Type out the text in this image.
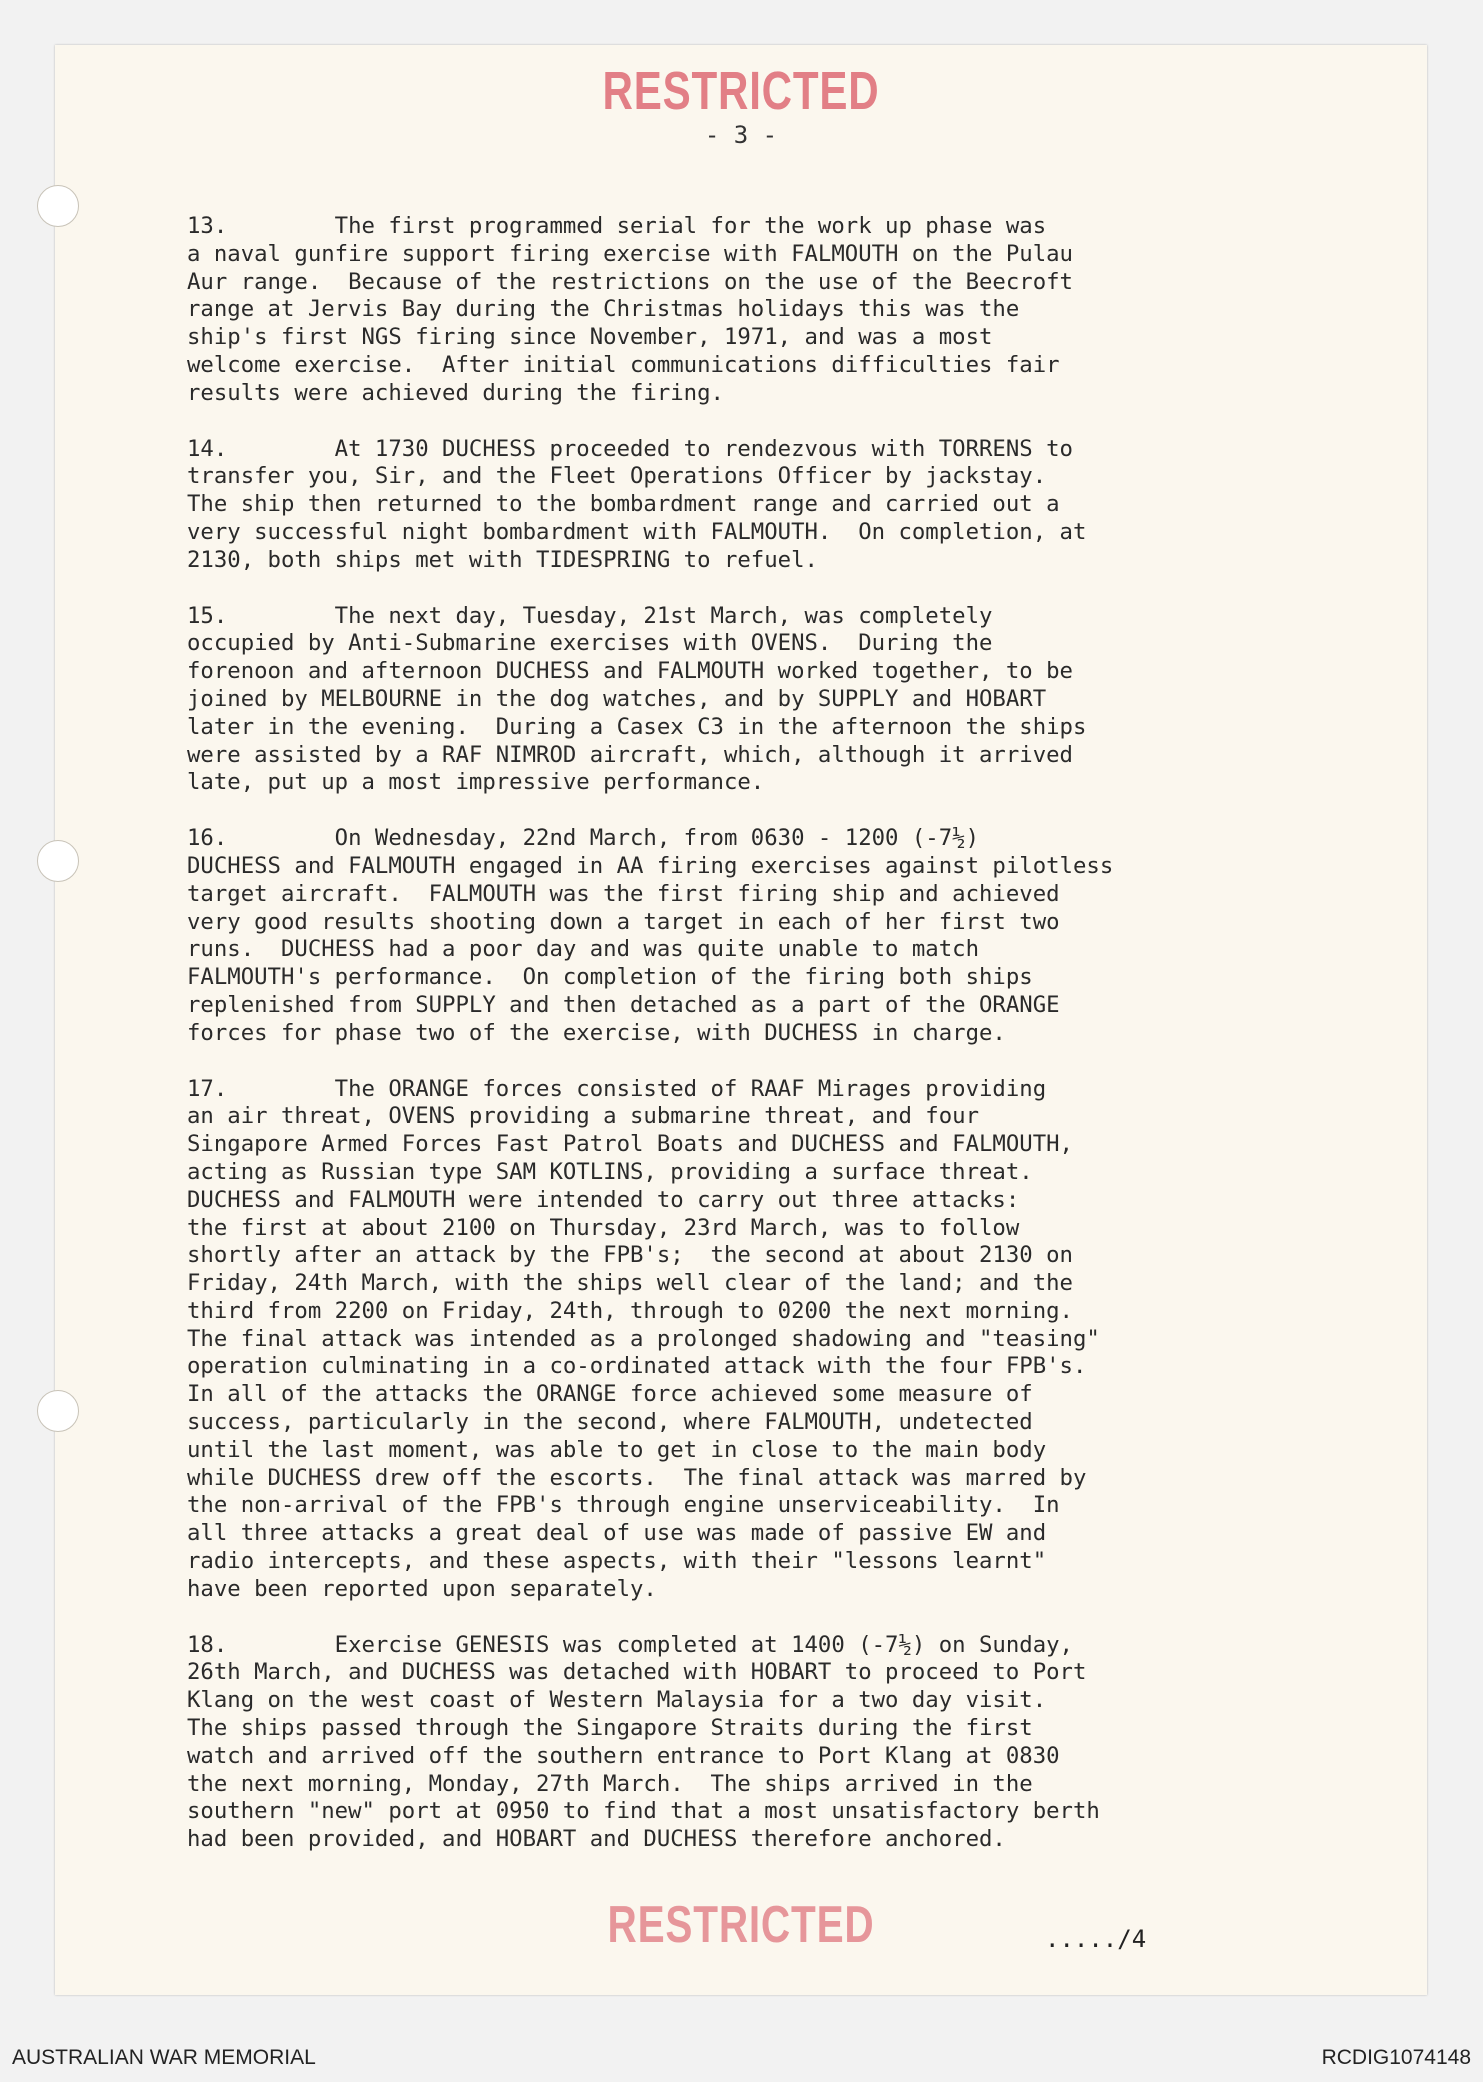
RESTRICTED
- 3 -

13.        The first programmed serial for the work up phase was

a naval gunfire support firing exercise with FALMOUTH on the Pulau

Aur range.  Because of the restrictions on the use of the Beecroft

range at Jervis Bay during the Christmas holidays this was the

ship's first NGS firing since November, 1971, and was a most

welcome exercise.  After initial communications difficulties fair

results were achieved during the firing.

14.        At 1730 DUCHESS proceeded to rendezvous with TORRENS to

transfer you, Sir, and the Fleet Operations Officer by jackstay.

The ship then returned to the bombardment range and carried out a

very successful night bombardment with FALMOUTH.  On completion, at

2130, both ships met with TIDESPRING to refuel.

15.        The next day, Tuesday, 21st March, was completely

occupied by Anti-Submarine exercises with OVENS.  During the

forenoon and afternoon DUCHESS and FALMOUTH worked together, to be

joined by MELBOURNE in the dog watches, and by SUPPLY and HOBART

later in the evening.  During a Casex C3 in the afternoon the ships

were assisted by a RAF NIMROD aircraft, which, although it arrived

late, put up a most impressive performance.

16.        On Wednesday, 22nd March, from 0630 - 1200 (-7½)

DUCHESS and FALMOUTH engaged in AA firing exercises against pilotless

target aircraft.  FALMOUTH was the first firing ship and achieved

very good results shooting down a target in each of her first two

runs.  DUCHESS had a poor day and was quite unable to match

FALMOUTH's performance.  On completion of the firing both ships

replenished from SUPPLY and then detached as a part of the ORANGE

forces for phase two of the exercise, with DUCHESS in charge.

17.        The ORANGE forces consisted of RAAF Mirages providing

an air threat, OVENS providing a submarine threat, and four

Singapore Armed Forces Fast Patrol Boats and DUCHESS and FALMOUTH,

acting as Russian type SAM KOTLINS, providing a surface threat.

DUCHESS and FALMOUTH were intended to carry out three attacks:

the first at about 2100 on Thursday, 23rd March, was to follow

shortly after an attack by the FPB's;  the second at about 2130 on

Friday, 24th March, with the ships well clear of the land; and the

third from 2200 on Friday, 24th, through to 0200 the next morning.

The final attack was intended as a prolonged shadowing and "teasing"

operation culminating in a co-ordinated attack with the four FPB's.

In all of the attacks the ORANGE force achieved some measure of

success, particularly in the second, where FALMOUTH, undetected

until the last moment, was able to get in close to the main body

while DUCHESS drew off the escorts.  The final attack was marred by

the non-arrival of the FPB's through engine unserviceability.  In

all three attacks a great deal of use was made of passive EW and

radio intercepts, and these aspects, with their "lessons learnt"

have been reported upon separately.

18.        Exercise GENESIS was completed at 1400 (-7½) on Sunday,

26th March, and DUCHESS was detached with HOBART to proceed to Port

Klang on the west coast of Western Malaysia for a two day visit.

The ships passed through the Singapore Straits during the first

watch and arrived off the southern entrance to Port Klang at 0830

the next morning, Monday, 27th March.  The ships arrived in the

southern "new" port at 0950 to find that a most unsatisfactory berth

had been provided, and HOBART and DUCHESS therefore anchored.

RESTRICTED	...../4
AUSTRALIAN WAR MEMORIAL	RCDIG1074148
